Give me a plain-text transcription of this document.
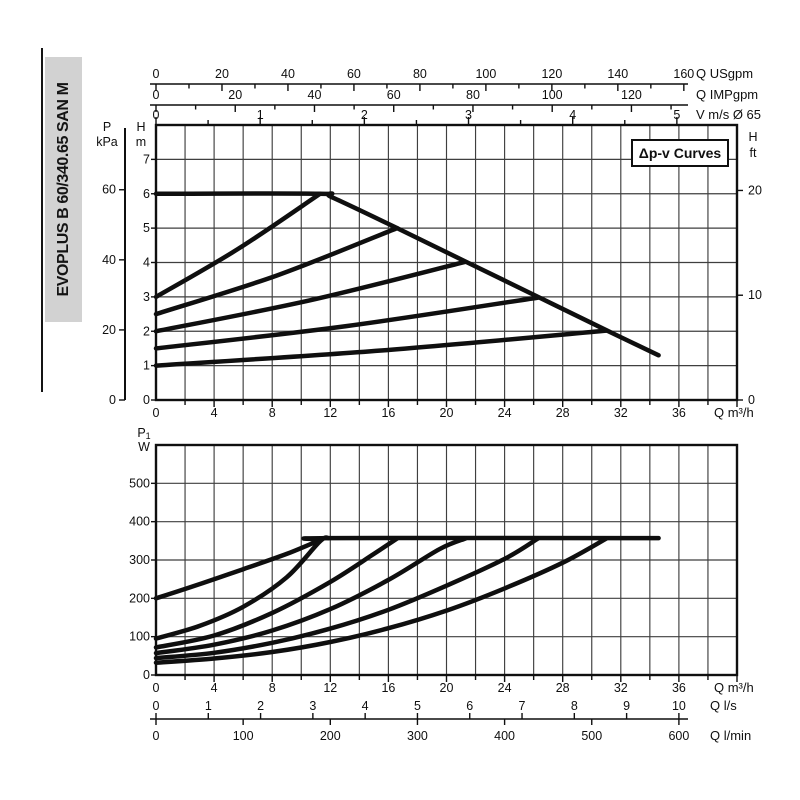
EVOPLUS B 60/340.65 SAN M
0	20	40	60	80	100	120	140	160 Q USgpm
0	20	40	60	80	100	120	Q IMPgpm
0	1	2	3	4	5 V m/s Ø 65
7
6
5
4
3
2
1
0
H
m
60
40
20
0
P
kPa
20
10
0
H
ft
0	4	8	12	16	20	24	28	32	36 Q m³/h
500
400
300
200
100
0
P1
W
0	4	8	12	16	20	24	28	32	36 Q m³/h
0	1	2	3	4	5	6	7	8	9	10 Q l/s
0	100	200	300	400	500	600 Q l/min
Δp-v Curves
